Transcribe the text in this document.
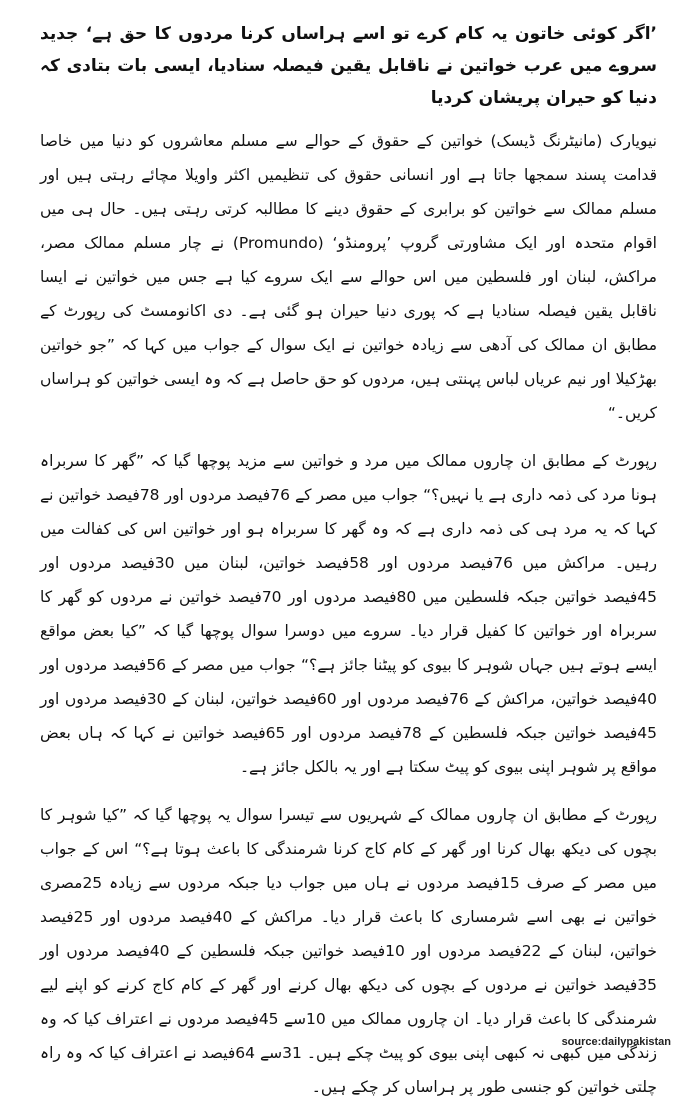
’اگر کوئی خاتون یہ کام کرے تو اسے ہراساں کرنا مردوں کا حق ہے‘ جدید سروے میں عرب خواتین نے ناقابل یقین فیصلہ سنادیا، ایسی بات بتادی کہ دنیا کو حیران پریشان کردیا

نیویارک (مانیٹرنگ ڈیسک) خواتین کے حقوق کے حوالے سے مسلم معاشروں کو دنیا میں خاصا قدامت پسند سمجھا جاتا ہے اور انسانی حقوق کی تنظیمیں اکثر واویلا مچائے رہتی ہیں اور مسلم ممالک سے خواتین کو برابری کے حقوق دینے کا مطالبہ کرتی رہتی ہیں۔ حال ہی میں اقوام متحدہ اور ایک مشاورتی گروپ ’پرومنڈو‘ (Promundo) نے چار مسلم ممالک مصر، مراکش، لبنان اور فلسطین میں اس حوالے سے ایک سروے کیا ہے جس میں خواتین نے ایسا ناقابل یقین فیصلہ سنادیا ہے کہ پوری دنیا حیران ہو گئی ہے۔ دی اکانومسٹ کی رپورٹ کے مطابق ان ممالک کی آدھی سے زیادہ خواتین نے ایک سوال کے جواب میں کہا کہ ”جو خواتین بھڑکیلا اور نیم عریاں لباس پہنتی ہیں، مردوں کو حق حاصل ہے کہ وہ ایسی خواتین کو ہراساں کریں۔“

رپورٹ کے مطابق ان چاروں ممالک میں مرد و خواتین سے مزید پوچھا گیا کہ ”گھر کا سربراہ ہونا مرد کی ذمہ داری ہے یا نہیں؟“ جواب میں مصر کے 76فیصد مردوں اور 78فیصد خواتین نے کہا کہ یہ مرد ہی کی ذمہ داری ہے کہ وہ گھر کا سربراہ ہو اور خواتین اس کی کفالت میں رہیں۔ مراکش میں 76فیصد مردوں اور 58فیصد خواتین، لبنان میں 30فیصد مردوں اور 45فیصد خواتین جبکہ فلسطین میں 80فیصد مردوں اور 70فیصد خواتین نے مردوں کو گھر کا سربراہ اور خواتین کا کفیل قرار دیا۔ سروے میں دوسرا سوال پوچھا گیا کہ ”کیا بعض مواقع ایسے ہوتے ہیں جہاں شوہر کا بیوی کو پیٹنا جائز ہے؟“ جواب میں مصر کے 56فیصد مردوں اور 40فیصد خواتین، مراکش کے 76فیصد مردوں اور 60فیصد خواتین، لبنان کے 30فیصد مردوں اور 45فیصد خواتین جبکہ فلسطین کے 78فیصد مردوں اور 65فیصد خواتین نے کہا کہ ہاں بعض مواقع پر شوہر اپنی بیوی کو پیٹ سکتا ہے اور یہ بالکل جائز ہے۔

رپورٹ کے مطابق ان چاروں ممالک کے شہریوں سے تیسرا سوال یہ پوچھا گیا کہ ”کیا شوہر کا بچوں کی دیکھ بھال کرنا اور گھر کے کام کاج کرنا شرمندگی کا باعث ہوتا ہے؟“ اس کے جواب میں مصر کے صرف 15فیصد مردوں نے ہاں میں جواب دیا جبکہ مردوں سے زیادہ 25مصری خواتین نے بھی اسے شرمساری کا باعث قرار دیا۔ مراکش کے 40فیصد مردوں اور 25فیصد خواتین، لبنان کے 22فیصد مردوں اور 10فیصد خواتین جبکہ فلسطین کے 40فیصد مردوں اور 35فیصد خواتین نے مردوں کے بچوں کی دیکھ بھال کرنے اور گھر کے کام کاج کرنے کو اپنے لیے شرمندگی کا باعث قرار دیا۔ ان چاروں ممالک میں 10سے 45فیصد مردوں نے اعتراف کیا کہ وہ زندگی میں کبھی نہ کبھی اپنی بیوی کو پیٹ چکے ہیں۔ 31سے 64فیصد نے اعتراف کیا کہ وہ راہ چلتی خواتین کو جنسی طور پر ہراساں کر چکے ہیں۔

source:dailypakistan
